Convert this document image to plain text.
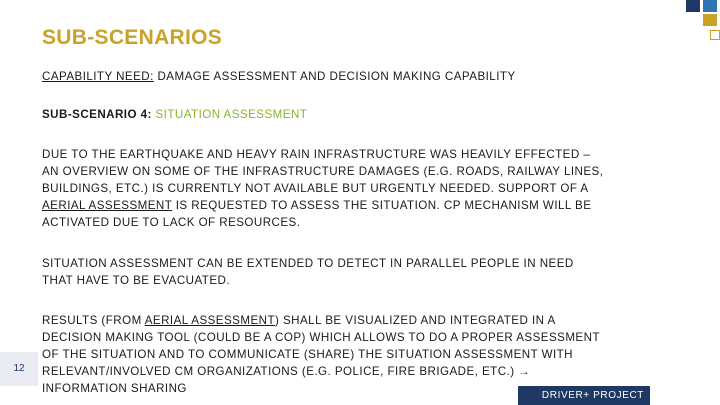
SUB-SCENARIOS
CAPABILITY NEED: DAMAGE ASSESSMENT AND DECISION MAKING CAPABILITY
SUB-SCENARIO 4: SITUATION ASSESSMENT
DUE TO THE EARTHQUAKE AND HEAVY RAIN INFRASTRUCTURE WAS HEAVILY EFFECTED –
AN OVERVIEW ON SOME OF THE INFRASTRUCTURE DAMAGES (E.G. ROADS, RAILWAY LINES,
BUILDINGS, ETC.) IS CURRENTLY NOT AVAILABLE BUT URGENTLY NEEDED. SUPPORT OF A
AERIAL ASSESSMENT IS REQUESTED TO ASSESS THE SITUATION. CP MECHANISM WILL BE
ACTIVATED DUE TO LACK OF RESOURCES.
SITUATION ASSESSMENT CAN BE EXTENDED TO DETECT IN PARALLEL PEOPLE IN NEED
THAT HAVE TO BE EVACUATED.
RESULTS (FROM AERIAL ASSESSMENT) SHALL BE VISUALIZED AND INTEGRATED IN A
DECISION MAKING TOOL (COULD BE A COP) WHICH ALLOWS TO DO A PROPER ASSESSMENT
OF THE SITUATION AND TO COMMUNICATE (SHARE) THE SITUATION ASSESSMENT WITH
RELEVANT/INVOLVED CM ORGANIZATIONS (E.G. POLICE, FIRE BRIGADE, ETC.) →
INFORMATION SHARING
12
DRIVER+ PROJECT
